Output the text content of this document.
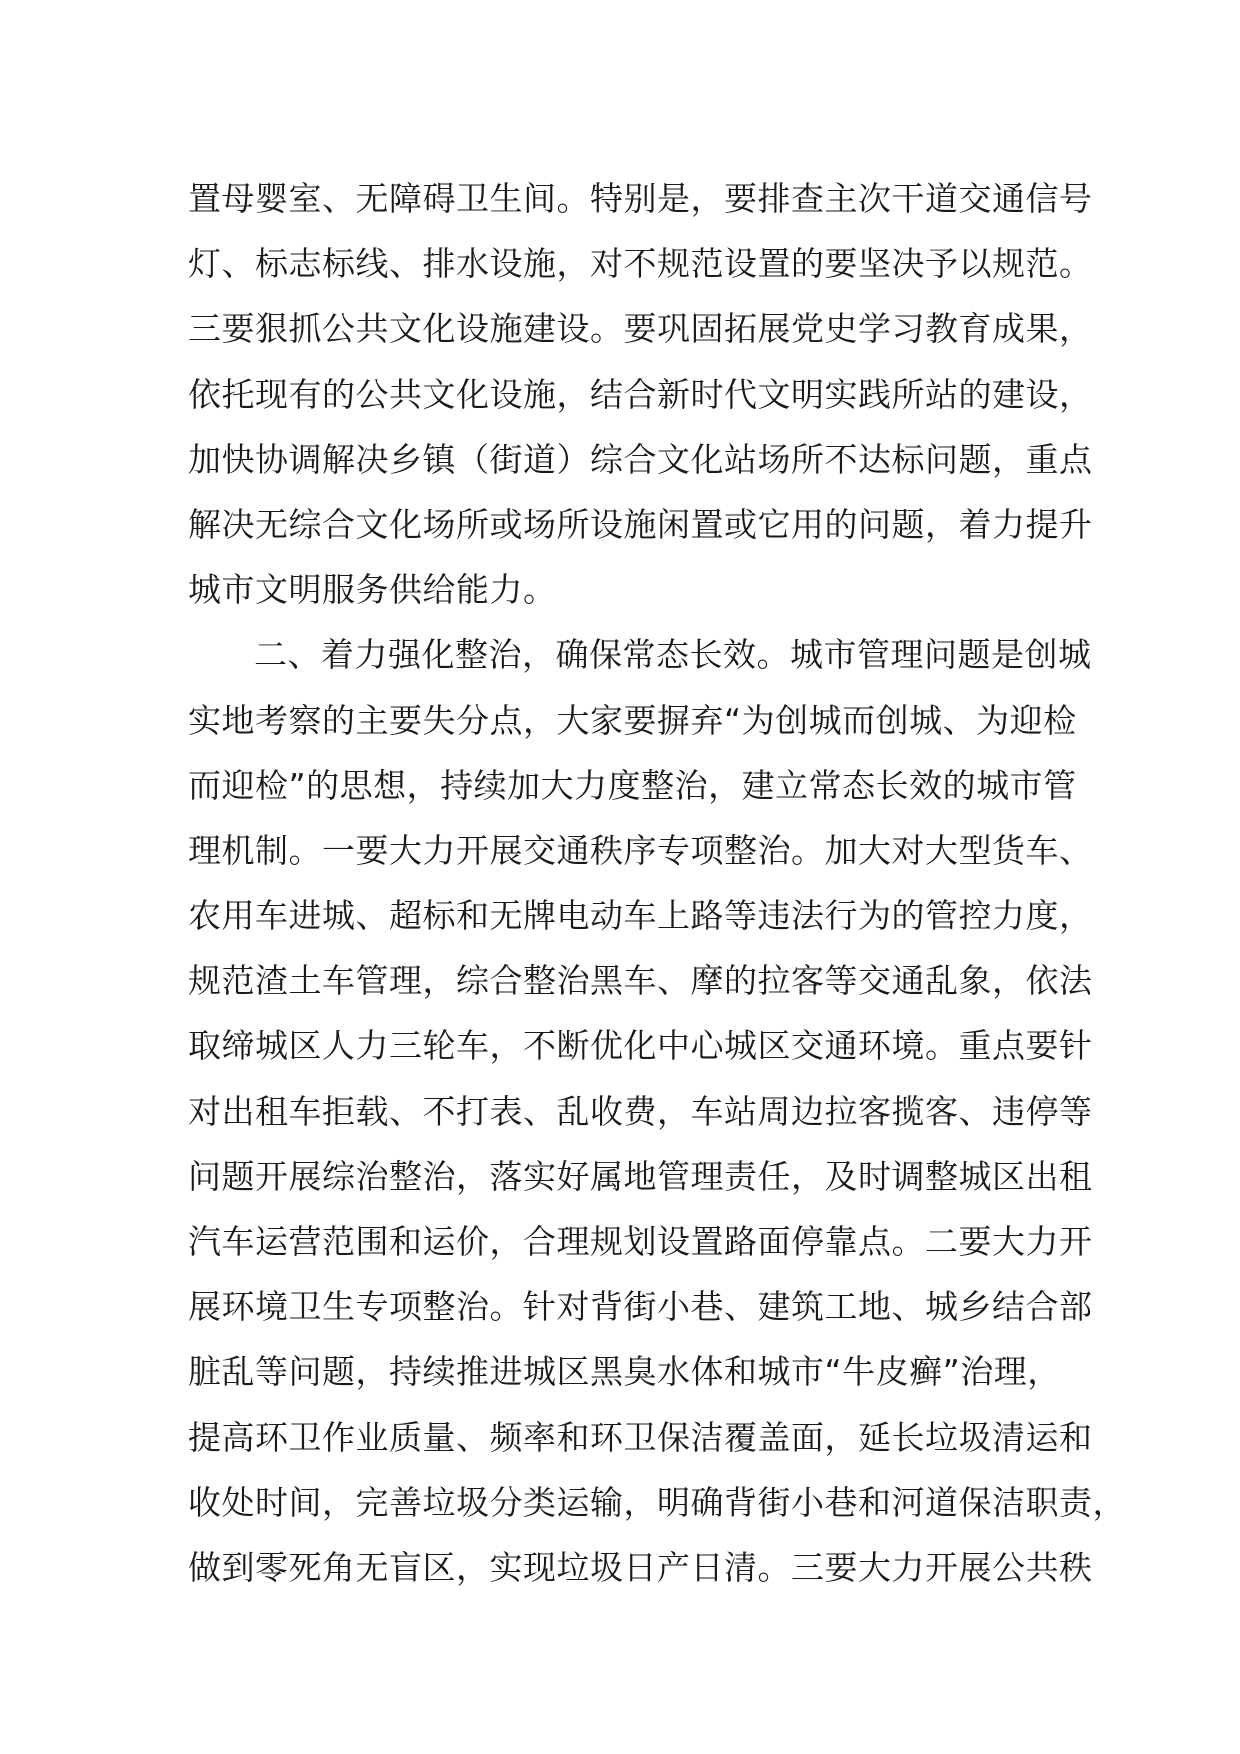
置母婴室、无障碍卫生间。特别是，要排查主次干道交通信号
灯、标志标线、排水设施，对不规范设置的要坚决予以规范。
三要狠抓公共文化设施建设。要巩固拓展党史学习教育成果，
依托现有的公共文化设施，结合新时代文明实践所站的建设，
加快协调解决乡镇（街道）综合文化站场所不达标问题，重点
解决无综合文化场所或场所设施闲置或它用的问题，着力提升
城市文明服务供给能力。
二、着力强化整治，确保常态长效。城市管理问题是创城
实地考察的主要失分点，大家要摒弃“为创城而创城、为迎检
而迎检”的思想，持续加大力度整治，建立常态长效的城市管
理机制。一要大力开展交通秩序专项整治。加大对大型货车、
农用车进城、超标和无牌电动车上路等违法行为的管控力度，
规范渣土车管理，综合整治黑车、摩的拉客等交通乱象，依法
取缔城区人力三轮车，不断优化中心城区交通环境。重点要针
对出租车拒载、不打表、乱收费，车站周边拉客揽客、违停等
问题开展综治整治，落实好属地管理责任，及时调整城区出租
汽车运营范围和运价，合理规划设置路面停靠点。二要大力开
展环境卫生专项整治。针对背街小巷、建筑工地、城乡结合部
脏乱等问题，持续推进城区黑臭水体和城市“牛皮癣”治理，
提高环卫作业质量、频率和环卫保洁覆盖面，延长垃圾清运和
收处时间，完善垃圾分类运输，明确背街小巷和河道保洁职责，
做到零死角无盲区，实现垃圾日产日清。三要大力开展公共秩
